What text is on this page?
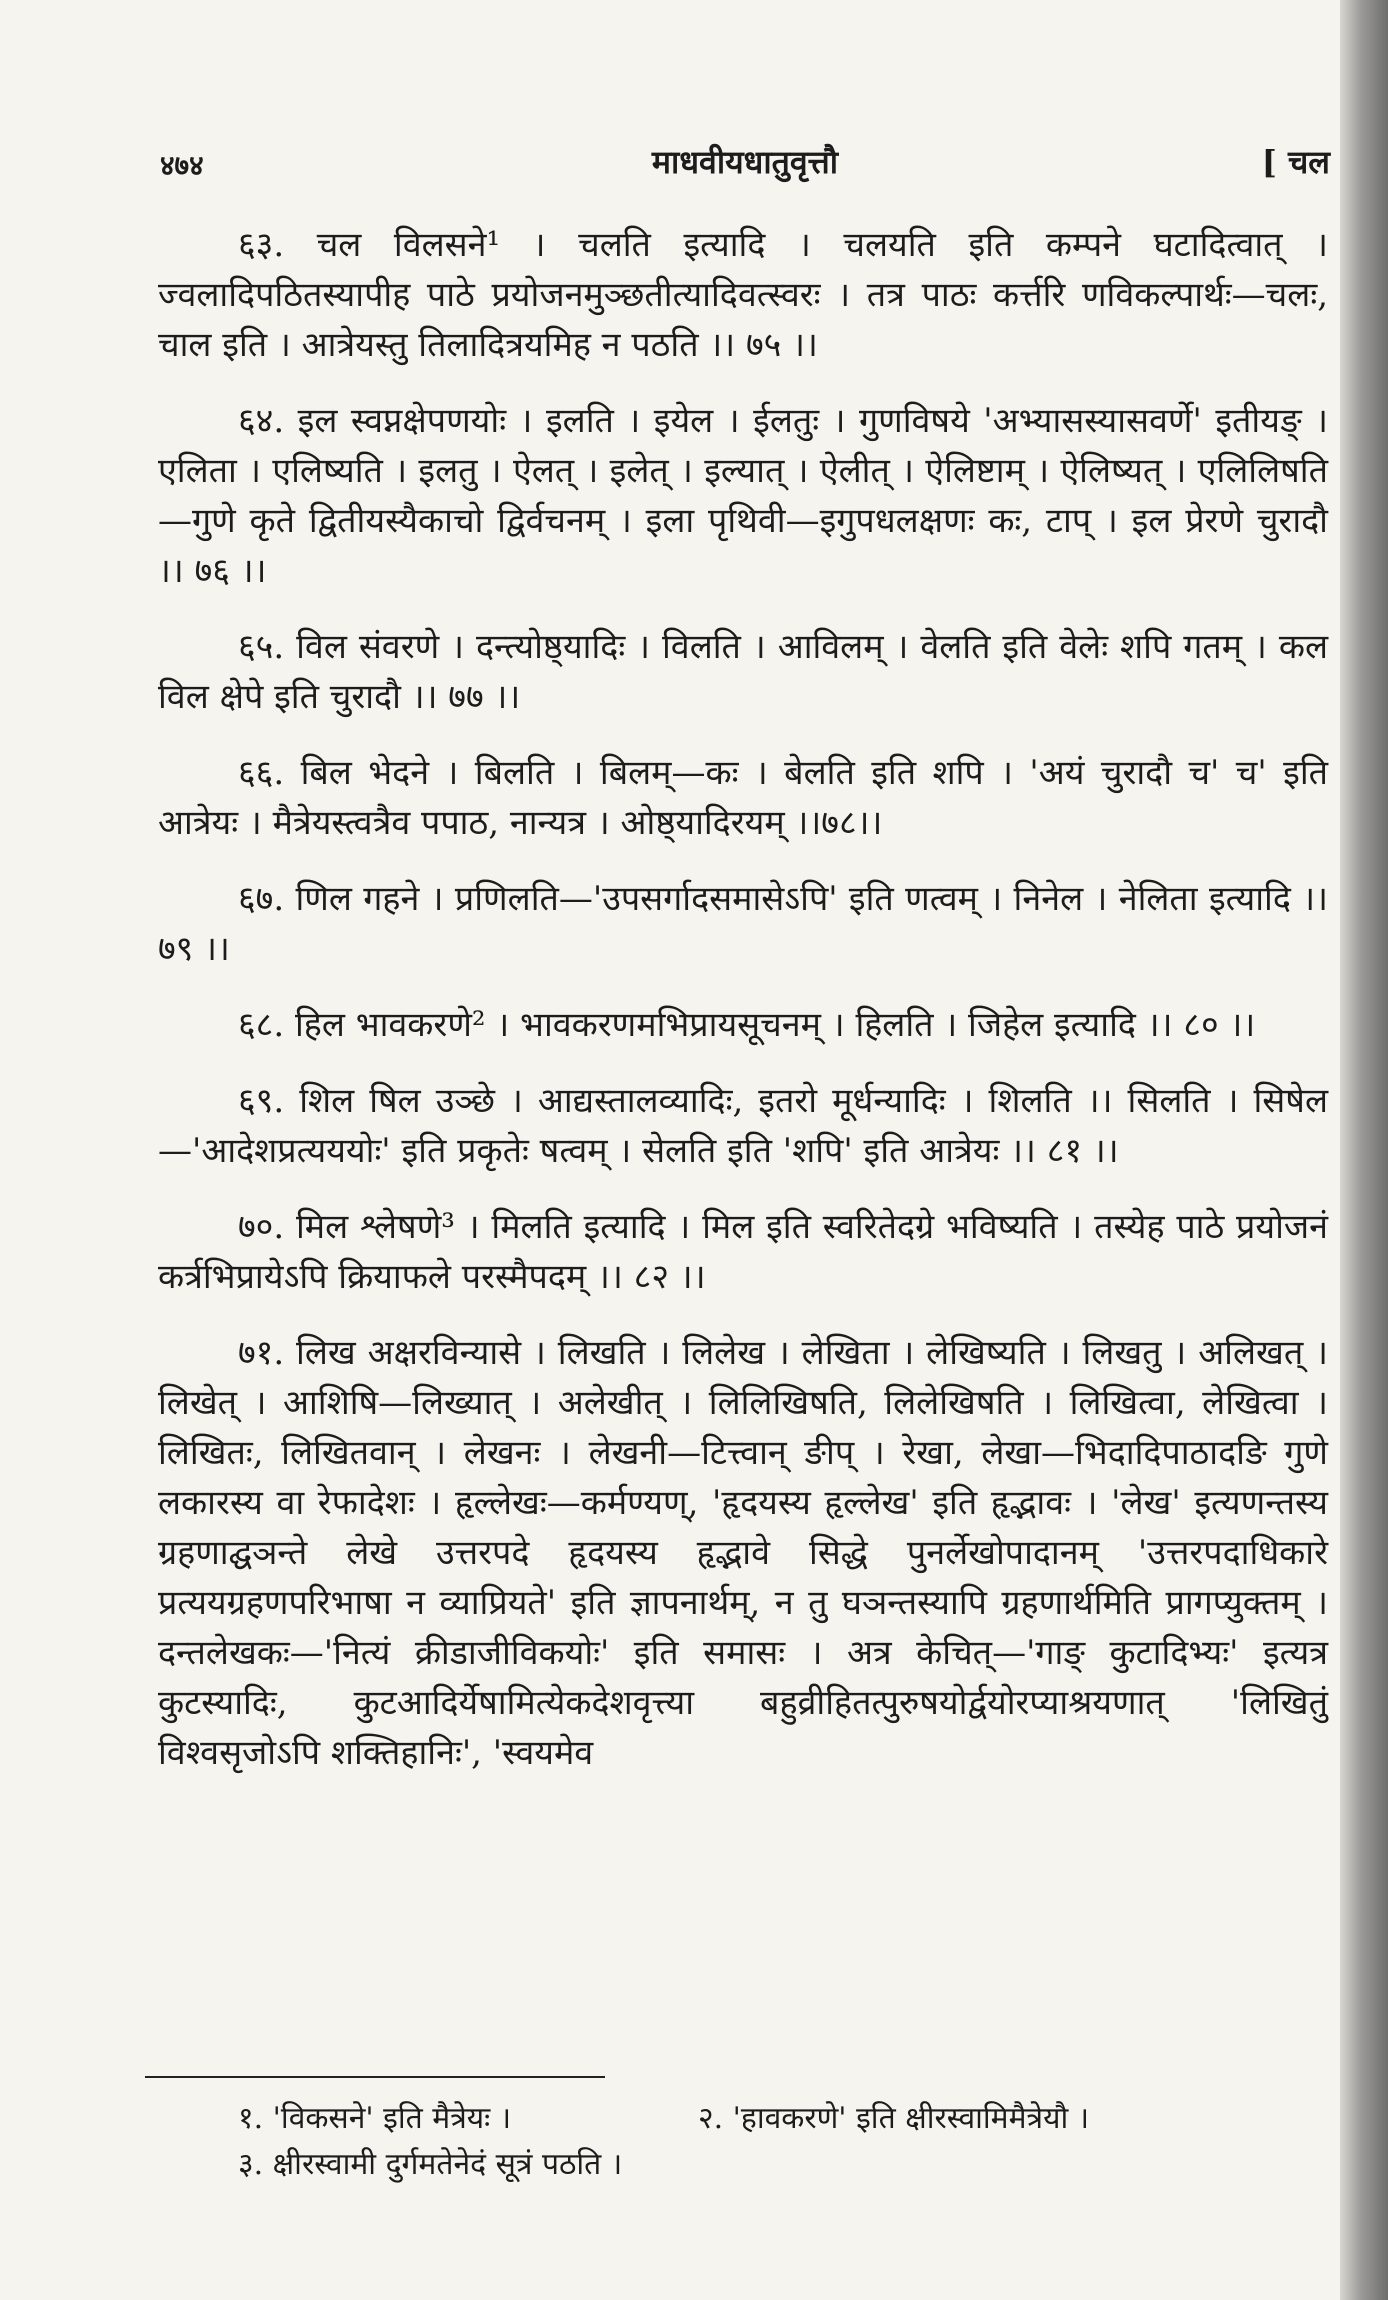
४७४	माधवीयधातुवृत्तौ	[ चल

६३. चल विलसने¹ । चलति इत्यादि । चलयति इति कम्पने घटादित्वात् । ज्वलादिपठितस्यापीह पाठे प्रयोजनमुञ्छतीत्यादिवत्स्वरः । तत्र पाठः कर्त्तरि णविकल्पार्थः—चलः, चाल इति । आत्रेयस्तु तिलादित्रयमिह न पठति ।। ७५ ।।

६४. इल स्वप्नक्षेपणयोः । इलति । इयेल । ईलतुः । गुणविषये 'अभ्यासस्यासवर्णे' इतीयङ् । एलिता । एलिष्यति । इलतु । ऐलत् । इलेत् । इल्यात् । ऐलीत् । ऐलिष्टाम् । ऐलिष्यत् । एलिलिषति—गुणे कृते द्वितीयस्यैकाचो द्विर्वचनम् । इला पृथिवी—इगुपधलक्षणः कः, टाप् । इल प्रेरणे चुरादौ ।। ७६ ।।

६५. विल संवरणे । दन्त्योष्ठ्यादिः । विलति । आविलम् । वेलति इति वेलेः शपि गतम् । कल विल क्षेपे इति चुरादौ ।। ७७ ।।

६६. बिल भेदने । बिलति । बिलम्—कः । बेलति इति शपि । 'अयं चुरादौ च' च' इति आत्रेयः । मैत्रेयस्त्वत्रैव पपाठ, नान्यत्र । ओष्ठ्यादिरयम् ।।७८।।

६७. णिल गहने । प्रणिलति—'उपसर्गादसमासेऽपि' इति णत्वम् । निनेल । नेलिता इत्यादि ।। ७९ ।।

६८. हिल भावकरणे² । भावकरणमभिप्रायसूचनम् । हिलति । जिहेल इत्यादि ।। ८० ।।

६९. शिल षिल उञ्छे । आद्यस्तालव्यादिः, इतरो मूर्धन्यादिः । शिलति ।। सिलति । सिषेल—'आदेशप्रत्यययोः' इति प्रकृतेः षत्वम् । सेलति इति 'शपि' इति आत्रेयः ।। ८१ ।।

७०. मिल श्लेषणे³ । मिलति इत्यादि । मिल इति स्वरितेदग्रे भविष्यति । तस्येह पाठे प्रयोजनं कर्त्रभिप्रायेऽपि क्रियाफले परस्मैपदम् ।। ८२ ।।

७१. लिख अक्षरविन्यासे । लिखति । लिलेख । लेखिता । लेखिष्यति । लिखतु । अलिखत् । लिखेत् । आशिषि—लिख्यात् । अलेखीत् । लिलिखिषति, लिलेखिषति । लिखित्वा, लेखित्वा । लिखितः, लिखितवान् । लेखनः । लेखनी—टित्त्वान् ङीप् । रेखा, लेखा—भिदादिपाठादङि गुणे लकारस्य वा रेफादेशः । हृल्लेखः—कर्मण्यण्, 'हृदयस्य हृल्लेख' इति हृद्भावः । 'लेख' इत्यणन्तस्य ग्रहणाद्घञन्ते लेखे उत्तरपदे हृदयस्य हृद्भावे सिद्धे पुनर्लेखोपादानम् 'उत्तरपदाधिकारे प्रत्ययग्रहणपरिभाषा न व्याप्रियते' इति ज्ञापनार्थम्, न तु घञन्तस्यापि ग्रहणार्थमिति प्रागप्युक्तम् । दन्तलेखकः—'नित्यं क्रीडाजीविकयोः' इति समासः । अत्र केचित्—'गाङ् कुटादिभ्यः' इत्यत्र कुटस्यादिः, कुटआदिर्येषामित्येकदेशवृत्त्या बहुव्रीहितत्पुरुषयोर्द्वयोरप्याश्रयणात् 'लिखितुं विश्वसृजोऽपि शक्तिहानिः', 'स्वयमेव

१. 'विकसने' इति मैत्रेयः ।	२. 'हावकरणे' इति क्षीरस्वामिमैत्रेयौ ।
३. क्षीरस्वामी दुर्गमतेनेदं सूत्रं पठति ।
